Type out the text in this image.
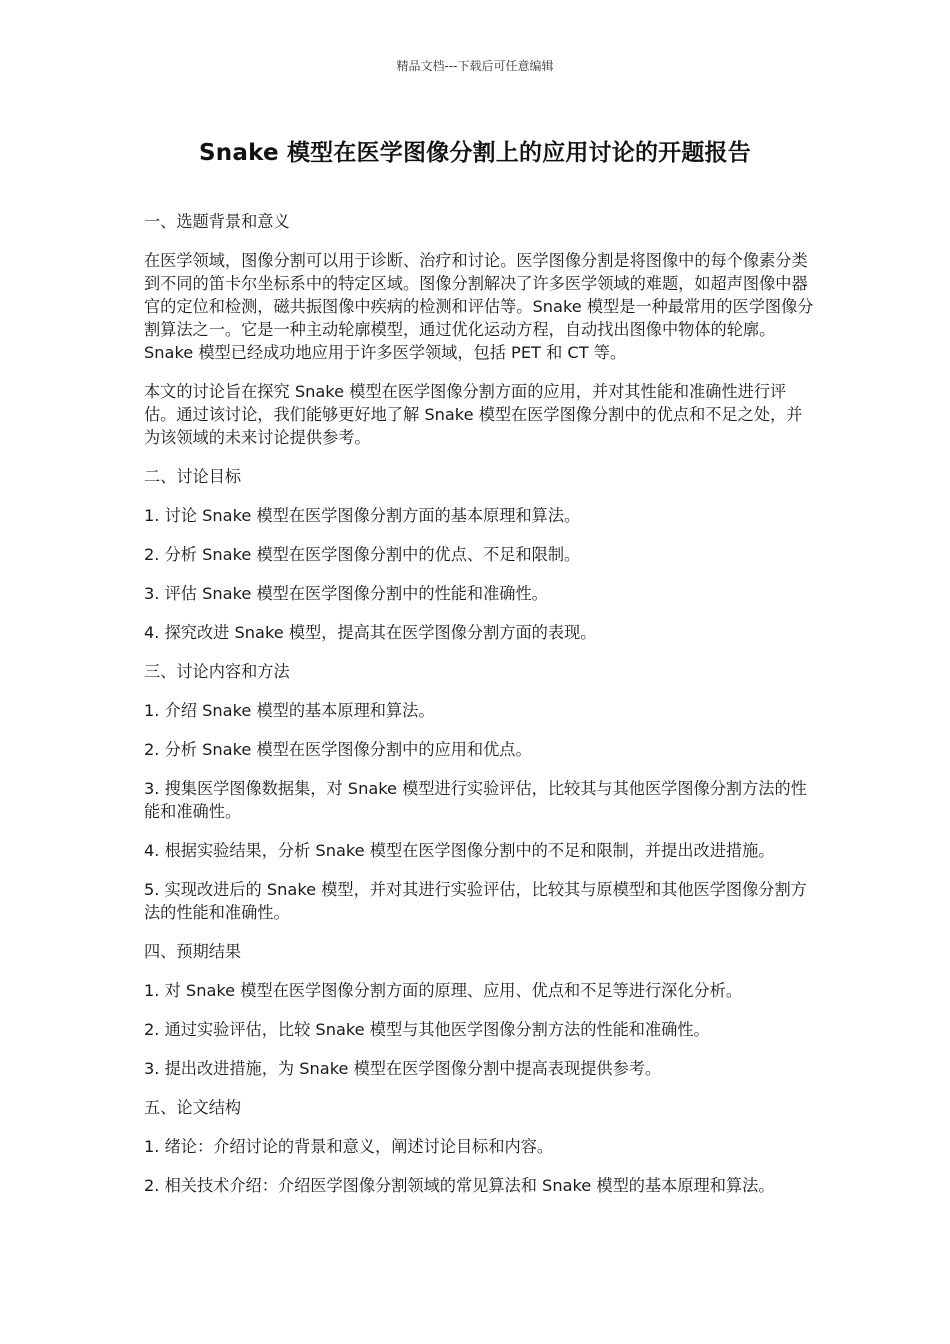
精品文档---下载后可任意编辑
Snake 模型在医学图像分割上的应用讨论的开题报告

一、选题背景和意义

在医学领域，图像分割可以用于诊断、治疗和讨论。医学图像分割是将图像中的每个像素分类到不同的笛卡尔坐标系中的特定区域。图像分割解决了许多医学领域的难题，如超声图像中器官的定位和检测，磁共振图像中疾病的检测和评估等。Snake 模型是一种最常用的医学图像分割算法之一。它是一种主动轮廓模型，通过优化运动方程，自动找出图像中物体的轮廓。Snake 模型已经成功地应用于许多医学领域，包括 PET 和 CT 等。

本文的讨论旨在探究 Snake 模型在医学图像分割方面的应用，并对其性能和准确性进行评估。通过该讨论，我们能够更好地了解 Snake 模型在医学图像分割中的优点和不足之处，并为该领域的未来讨论提供参考。

二、讨论目标

1. 讨论 Snake 模型在医学图像分割方面的基本原理和算法。

2. 分析 Snake 模型在医学图像分割中的优点、不足和限制。

3. 评估 Snake 模型在医学图像分割中的性能和准确性。

4. 探究改进 Snake 模型，提高其在医学图像分割方面的表现。

三、讨论内容和方法

1. 介绍 Snake 模型的基本原理和算法。

2. 分析 Snake 模型在医学图像分割中的应用和优点。

3. 搜集医学图像数据集，对 Snake 模型进行实验评估，比较其与其他医学图像分割方法的性能和准确性。

4. 根据实验结果，分析 Snake 模型在医学图像分割中的不足和限制，并提出改进措施。

5. 实现改进后的 Snake 模型，并对其进行实验评估，比较其与原模型和其他医学图像分割方法的性能和准确性。

四、预期结果

1. 对 Snake 模型在医学图像分割方面的原理、应用、优点和不足等进行深化分析。

2. 通过实验评估，比较 Snake 模型与其他医学图像分割方法的性能和准确性。

3. 提出改进措施，为 Snake 模型在医学图像分割中提高表现提供参考。

五、论文结构

1. 绪论：介绍讨论的背景和意义，阐述讨论目标和内容。

2. 相关技术介绍：介绍医学图像分割领域的常见算法和 Snake 模型的基本原理和算法。
